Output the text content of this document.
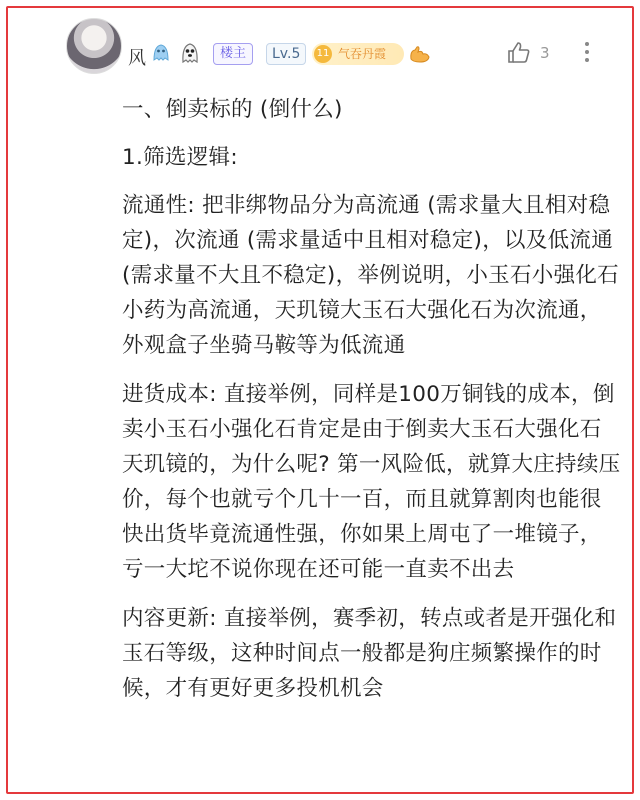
风	楼主	Lv.5	11 气吞丹霞	3

一、倒卖标的 (倒什么)

1.筛选逻辑:

流通性: 把非绑物品分为高流通 (需求量大且相对稳定)，次流通 (需求量适中且相对稳定)，以及低流通 (需求量不大且不稳定)，举例说明，小玉石小强化石小药为高流通，天玑镜大玉石大强化石为次流通，外观盒子坐骑马鞍等为低流通

进货成本: 直接举例，同样是100万铜钱的成本，倒卖小玉石小强化石肯定是由于倒卖大玉石大强化石天玑镜的，为什么呢? 第一风险低，就算大庄持续压价，每个也就亏个几十一百，而且就算割肉也能很快出货毕竟流通性强，你如果上周屯了一堆镜子，亏一大坨不说你现在还可能一直卖不出去

内容更新: 直接举例，赛季初，转点或者是开强化和玉石等级，这种时间点一般都是狗庄频繁操作的时候，才有更好更多投机机会
